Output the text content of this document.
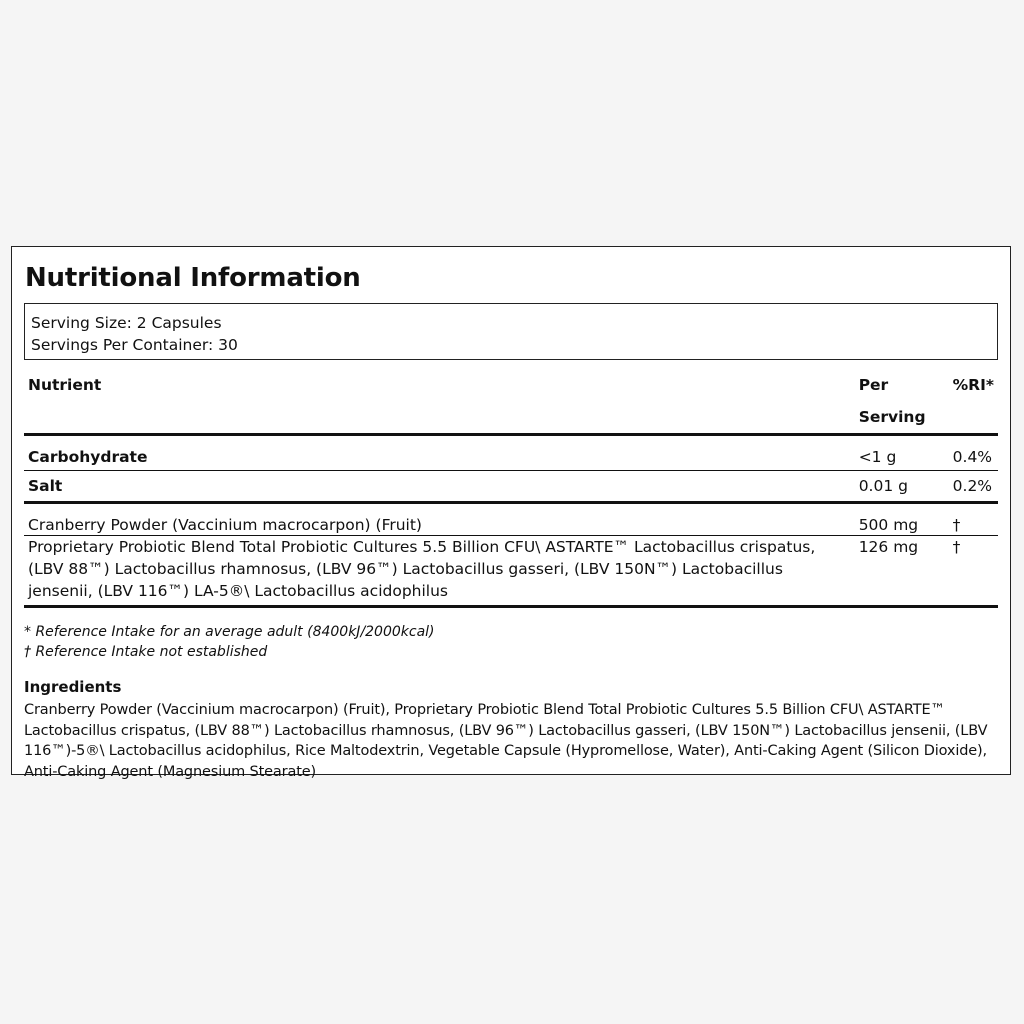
Nutritional Information
Serving Size: 2 Capsules
Servings Per Container: 30
Nutrient	Per Serving	%RI*
Carbohydrate	<1 g	0.4%
Salt	0.01 g	0.2%
Cranberry Powder (Vaccinium macrocarpon) (Fruit)	500 mg	†
Proprietary Probiotic Blend Total Probiotic Cultures 5.5 Billion CFU\ ASTARTE™ Lactobacillus crispatus, (LBV 88™) Lactobacillus rhamnosus, (LBV 96™) Lactobacillus gasseri, (LBV 150N™) Lactobacillus jensenii, (LBV 116™) LA-5®\ Lactobacillus acidophilus	126 mg	†
* Reference Intake for an average adult (8400kJ/2000kcal)
† Reference Intake not established
Ingredients
Cranberry Powder (Vaccinium macrocarpon) (Fruit), Proprietary Probiotic Blend Total Probiotic Cultures 5.5 Billion CFU\ ASTARTE™ Lactobacillus crispatus, (LBV 88™) Lactobacillus rhamnosus, (LBV 96™) Lactobacillus gasseri, (LBV 150N™) Lactobacillus jensenii, (LBV 116™)-5®\ Lactobacillus acidophilus, Rice Maltodextrin, Vegetable Capsule (Hypromellose, Water), Anti-Caking Agent (Silicon Dioxide), Anti-Caking Agent (Magnesium Stearate)
